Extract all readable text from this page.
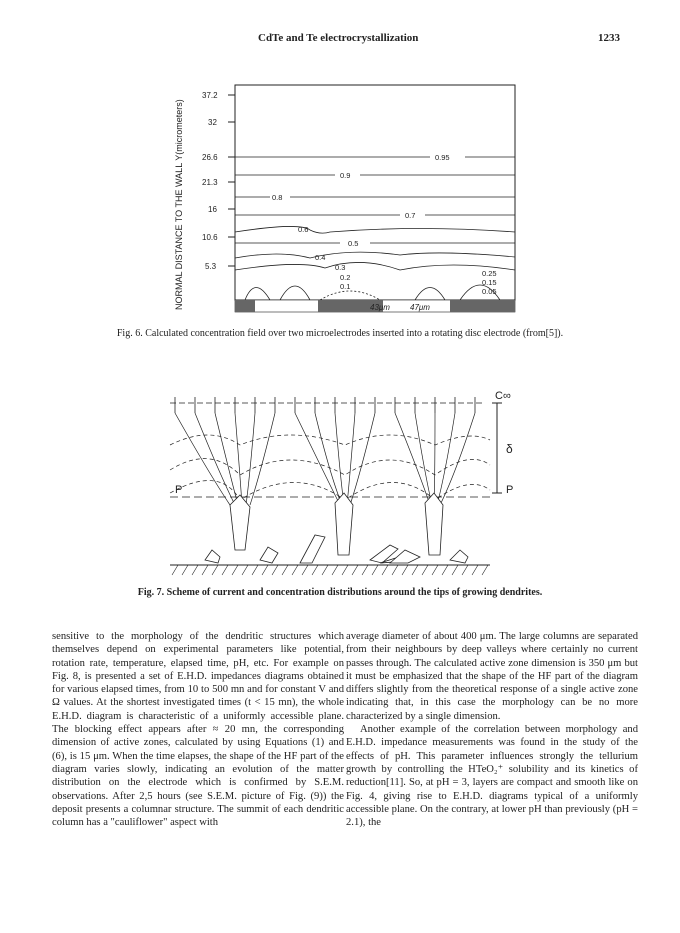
CdTe and Te electrocrystallization	1233
NORMAL DISTANCE TO THE WALL Y(micrometers)
37.2
32
26.6
21.3
16
10.6
5.3
0.95
0.9
0.8
0.7
0.6
0.5
0.4
0.3
0.2
0.1
0.25
0.15
0.05
43μm	47μm
Fig. 6. Calculated concentration field over two microelectrodes inserted into a rotating disc electrode (from[5]).
C∞
δ
P	P
Fig. 7. Scheme of current and concentration distributions around the tips of growing dendrites.

sensitive to the morphology of the dendritic structures which themselves depend on experimental parameters like potential, rotation rate, temperature, elapsed time, pH, etc. For example on Fig. 8, is presented a set of E.H.D. impedances diagrams obtained for various elapsed times, from 10 to 500 mn and for constant V and Ω values. At the shortest investigated times (t < 15 mn), the whole E.H.D. diagram is characteristic of a uniformly accessible plane. The blocking effect appears after ≈ 20 mn, the corresponding dimension of active zones, calculated by using Equations (1) and (6), is 15 μm. When the time elapses, the shape of the HF part of the diagram varies slowly, indicating an evolution of the matter distribution on the electrode which is confirmed by S.E.M. observations. After 2,5 hours (see S.E.M. picture of Fig. (9)) the deposit presents a columnar structure. The summit of each dendritic column has a "cauliflower" aspect with

average diameter of about 400 μm. The large columns are separated from their neighbours by deep valleys where certainly no current passes through. The calculated active zone dimension is 350 μm but it must be emphasized that the shape of the HF part of the diagram differs slightly from the theoretical response of a single active zone indicating that, in this case the morphology can be no more characterized by a single dimension.

Another example of the correlation between morphology and E.H.D. impedance measurements was found in the study of the effects of pH. This parameter influences strongly the tellurium growth by controlling the HTeO₂⁺ solubility and its kinetics of reduction[11]. So, at pH = 3, layers are compact and smooth like on Fig. 4, giving rise to E.H.D. diagrams typical of a uniformly accessible plane. On the contrary, at lower pH than previously (pH = 2.1), the
